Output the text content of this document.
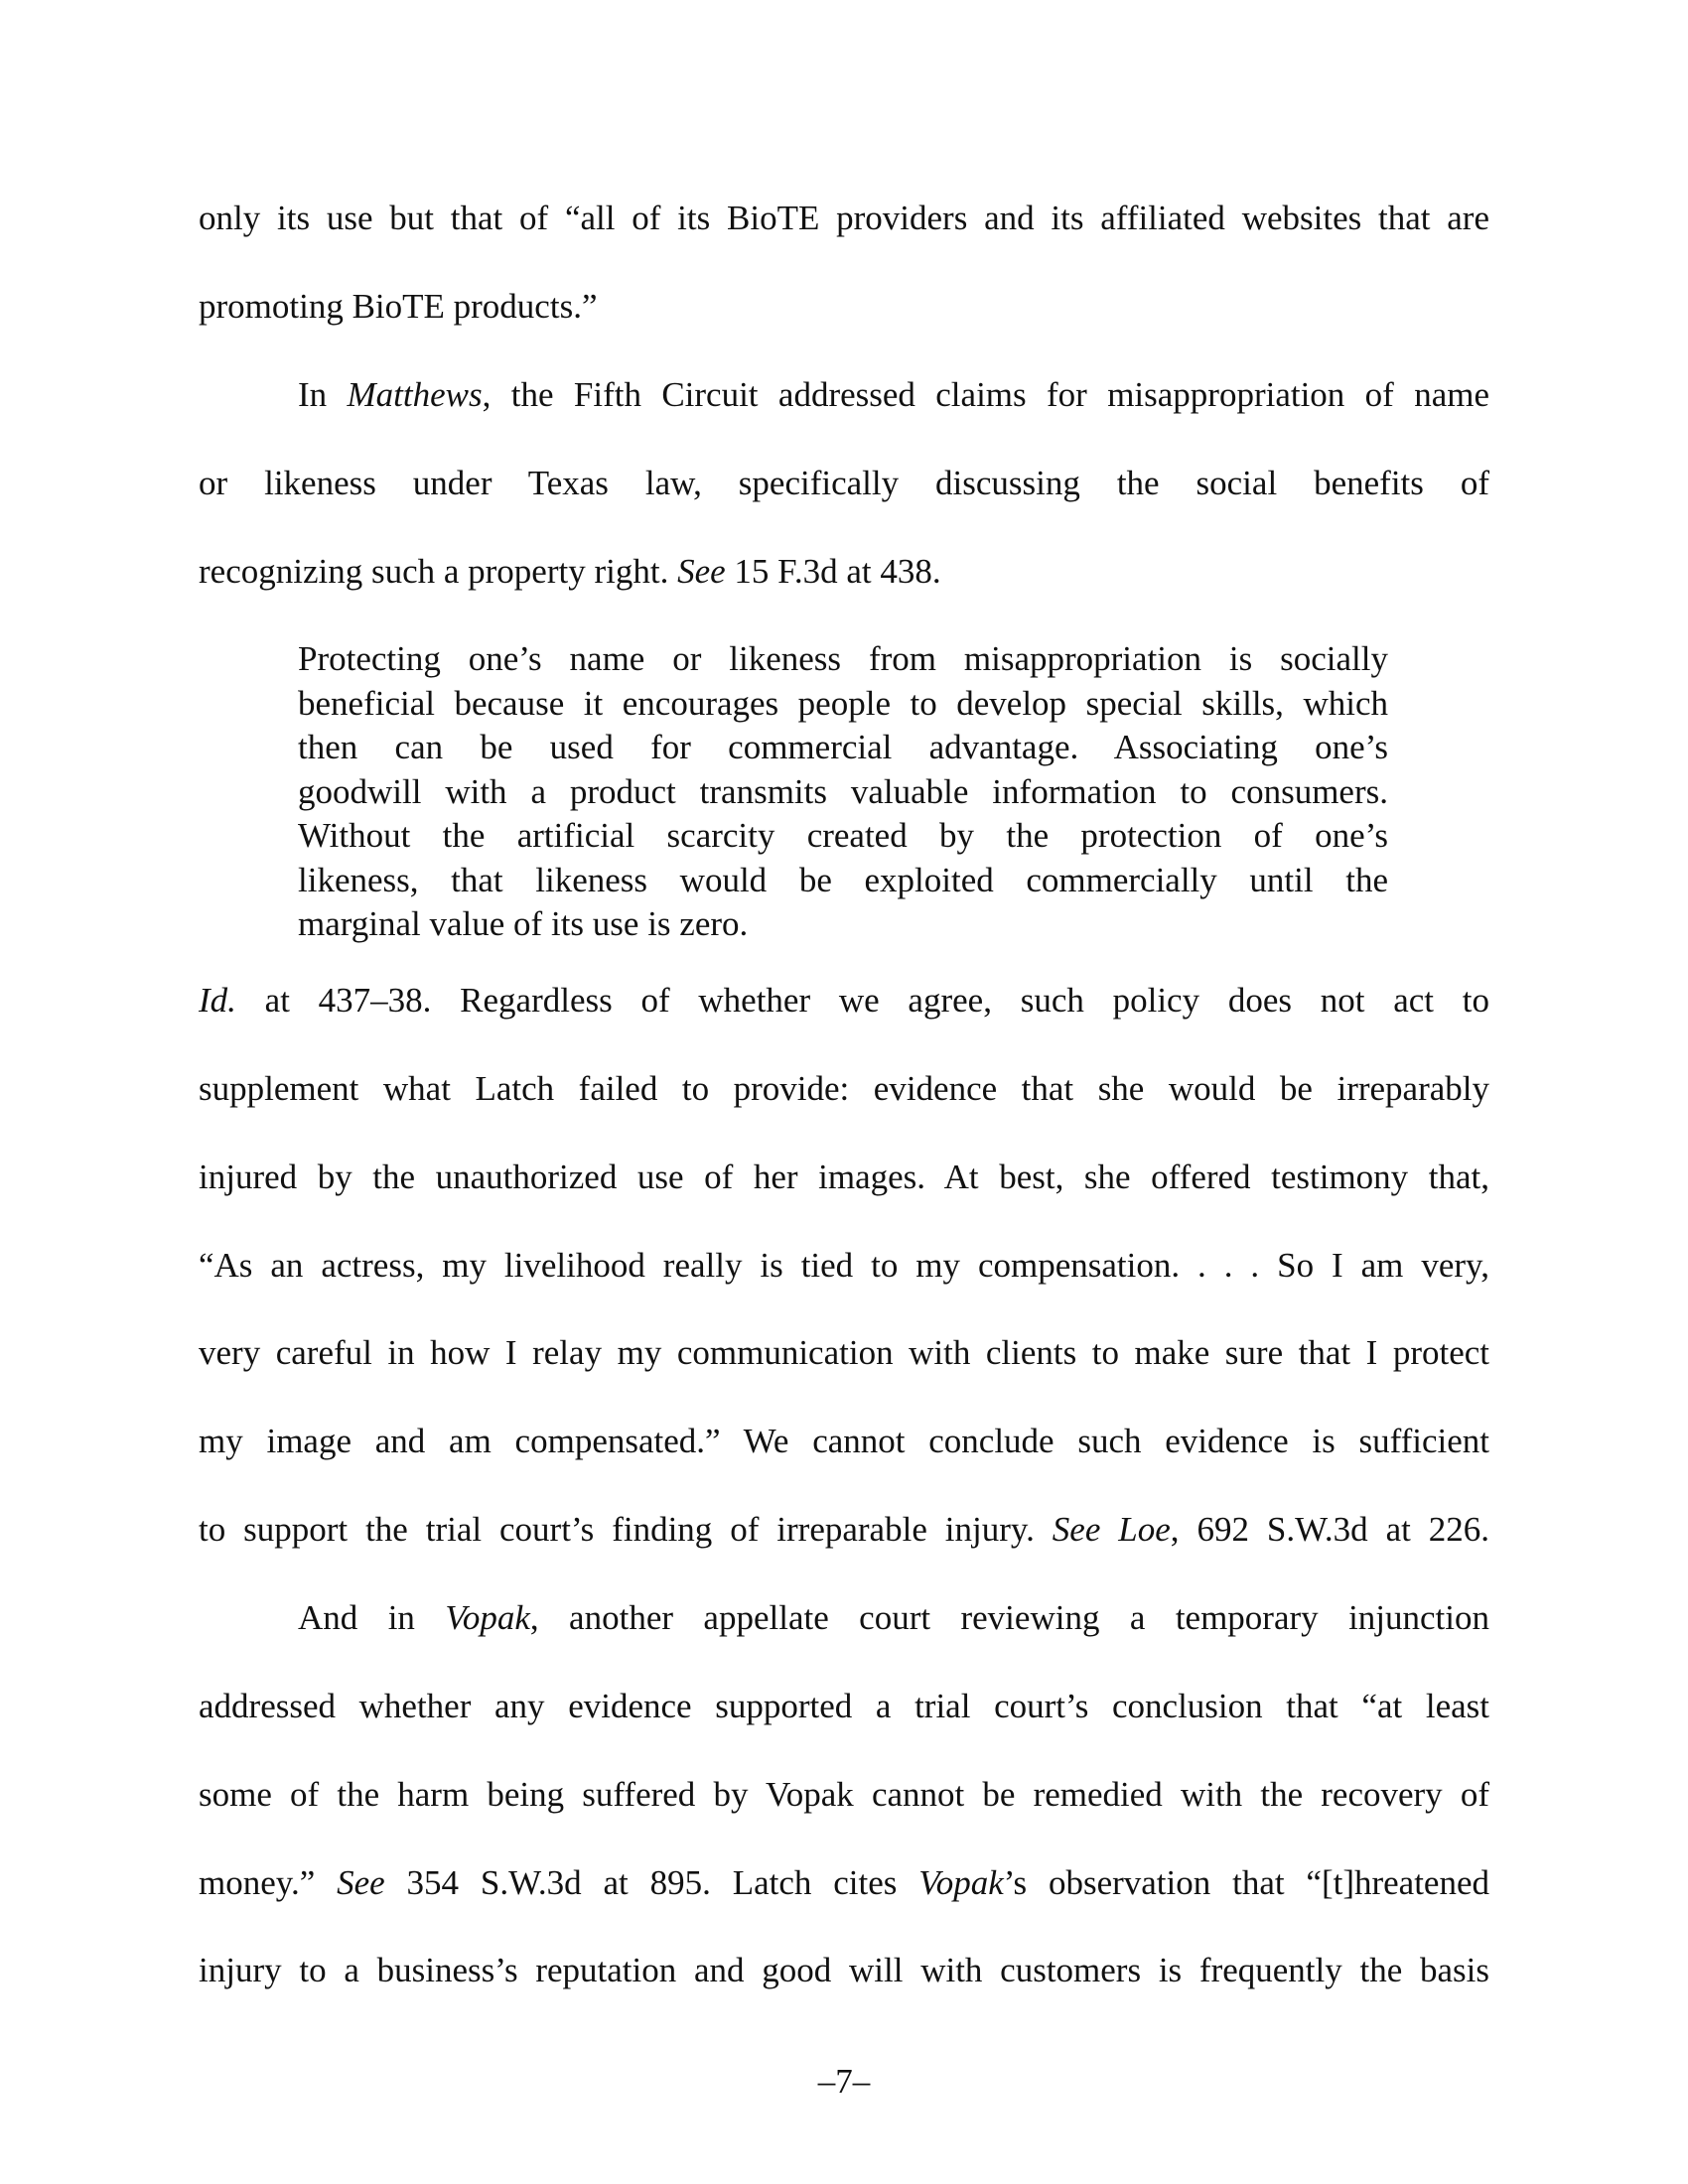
only its use but that of “all of its BioTE providers and its affiliated websites that are
promoting BioTE products.”
In Matthews, the Fifth Circuit addressed claims for misappropriation of name
or likeness under Texas law, specifically discussing the social benefits of
recognizing such a property right. See 15 F.3d at 438.
Protecting one’s name or likeness from misappropriation is socially
beneficial because it encourages people to develop special skills, which
then can be used for commercial advantage. Associating one’s
goodwill with a product transmits valuable information to consumers.
Without the artificial scarcity created by the protection of one’s
likeness, that likeness would be exploited commercially until the
marginal value of its use is zero.
Id. at 437–38. Regardless of whether we agree, such policy does not act to
supplement what Latch failed to provide: evidence that she would be irreparably
injured by the unauthorized use of her images. At best, she offered testimony that,
“As an actress, my livelihood really is tied to my compensation. . . . So I am very,
very careful in how I relay my communication with clients to make sure that I protect
my image and am compensated.” We cannot conclude such evidence is sufficient
to support the trial court’s finding of irreparable injury. See Loe, 692 S.W.3d at 226.
And in Vopak, another appellate court reviewing a temporary injunction
addressed whether any evidence supported a trial court’s conclusion that “at least
some of the harm being suffered by Vopak cannot be remedied with the recovery of
money.” See 354 S.W.3d at 895. Latch cites Vopak’s observation that “[t]hreatened
injury to a business’s reputation and good will with customers is frequently the basis
–7–
